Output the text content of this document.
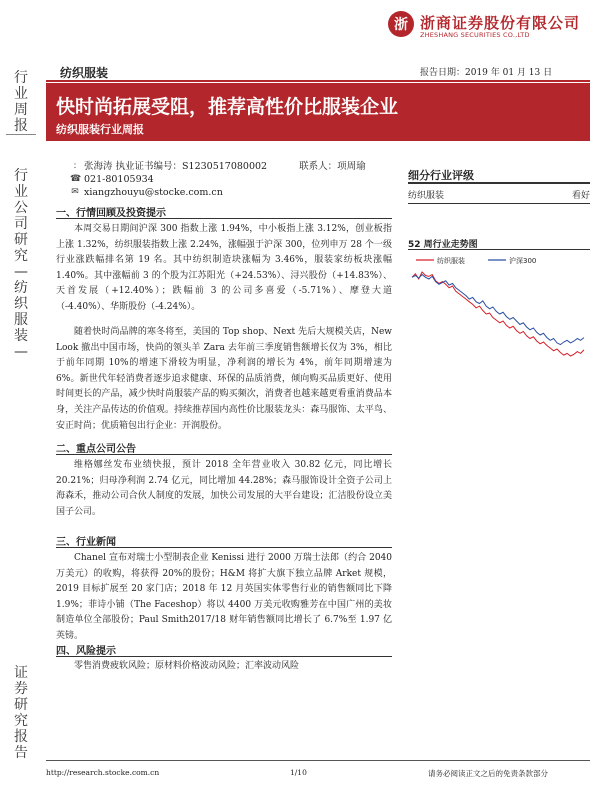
浙 浙商证券股份有限公司
ZHESHANG SECURITIES CO.,LTD
行业周报
行业公司研究—纺织服装—
证券研究报告
纺织服装	报告日期：2019 年 01 月 13 日
快时尚拓展受阻，推荐高性价比服装企业
纺织服装行业周报
: 张海涛 执业证书编号：S1230517080002	联系人：项周瑜
☎ 021-80105934
✉ xiangzhouyu@stocke.com.cn
一、行情回顾及投资提示
本周交易日期间沪深 300 指数上涨 1.94%，中小板指上涨 3.12%，创业板指上涨 1.32%，纺织服装指数上涨 2.24%，涨幅强于沪深 300，位列申万 28 个一级行业涨跌幅排名第 19 名。其中纺织制造块涨幅为 3.46%，服装家纺板块涨幅 1.40%。其中涨幅前 3 的个股为江苏阳光（+24.53%）、浔兴股份（+14.83%）、天首发展（+12.40%）；跌幅前 3 的公司多喜爱（-5.71%）、摩登大道（-4.40%）、华斯股份（-4.24%）。
随着快时尚品牌的寒冬将至，美国的 Top shop、Next 先后大规模关店，New Look 撤出中国市场，快尚的领头羊 Zara 去年前三季度销售额增长仅为 3%，相比于前年同期 10%的增速下滑较为明显，净利润的增长为 4%，前年同期增速为 6%。新世代年轻消费者逐步追求健康、环保的品质消费，倾向购买品质更好、使用时间更长的产品，减少快时尚服装产品的购买频次，消费者也越来越更看重消费品本身，关注产品传达的价值观。持续推荐国内高性价比服装龙头：森马服饰、太平鸟、安正时尚；优质箱包出行企业：开润股份。
二、重点公司公告
维格娜丝发布业绩快报，预计 2018 全年营业收入 30.82 亿元，同比增长 20.21%；归母净利润 2.74 亿元，同比增加 44.28%；森马服饰设计全资子公司上海森禾，推动公司合伙人制度的发展，加快公司发展的大平台建设；汇洁股份设立美国子公司。
三、行业新闻
Chanel 宣布对瑞士小型制表企业 Kenissi 进行 2000 万瑞士法郎（约合 2040 万美元）的收购，将获得 20%的股份；H&M 将扩大旗下独立品牌 Arket 规模，2019 目标扩展至 20 家门店；2018 年 12 月英国实体零售行业的销售额同比下降 1.9%；菲诗小铺（The Faceshop）将以 4400 万美元收购雅芳在中国广州的美妆制造单位全部股份；Paul Smith2017/18 财年销售额同比增长了 6.7%至 1.97 亿英镑。
四、风险提示
零售消费疲软风险；原材料价格波动风险；汇率波动风险
细分行业评级
纺织服装	看好
52 周行业走势图
纺织服装	沪深300
http://research.stocke.com.cn	1/10	请务必阅读正文之后的免责条款部分
